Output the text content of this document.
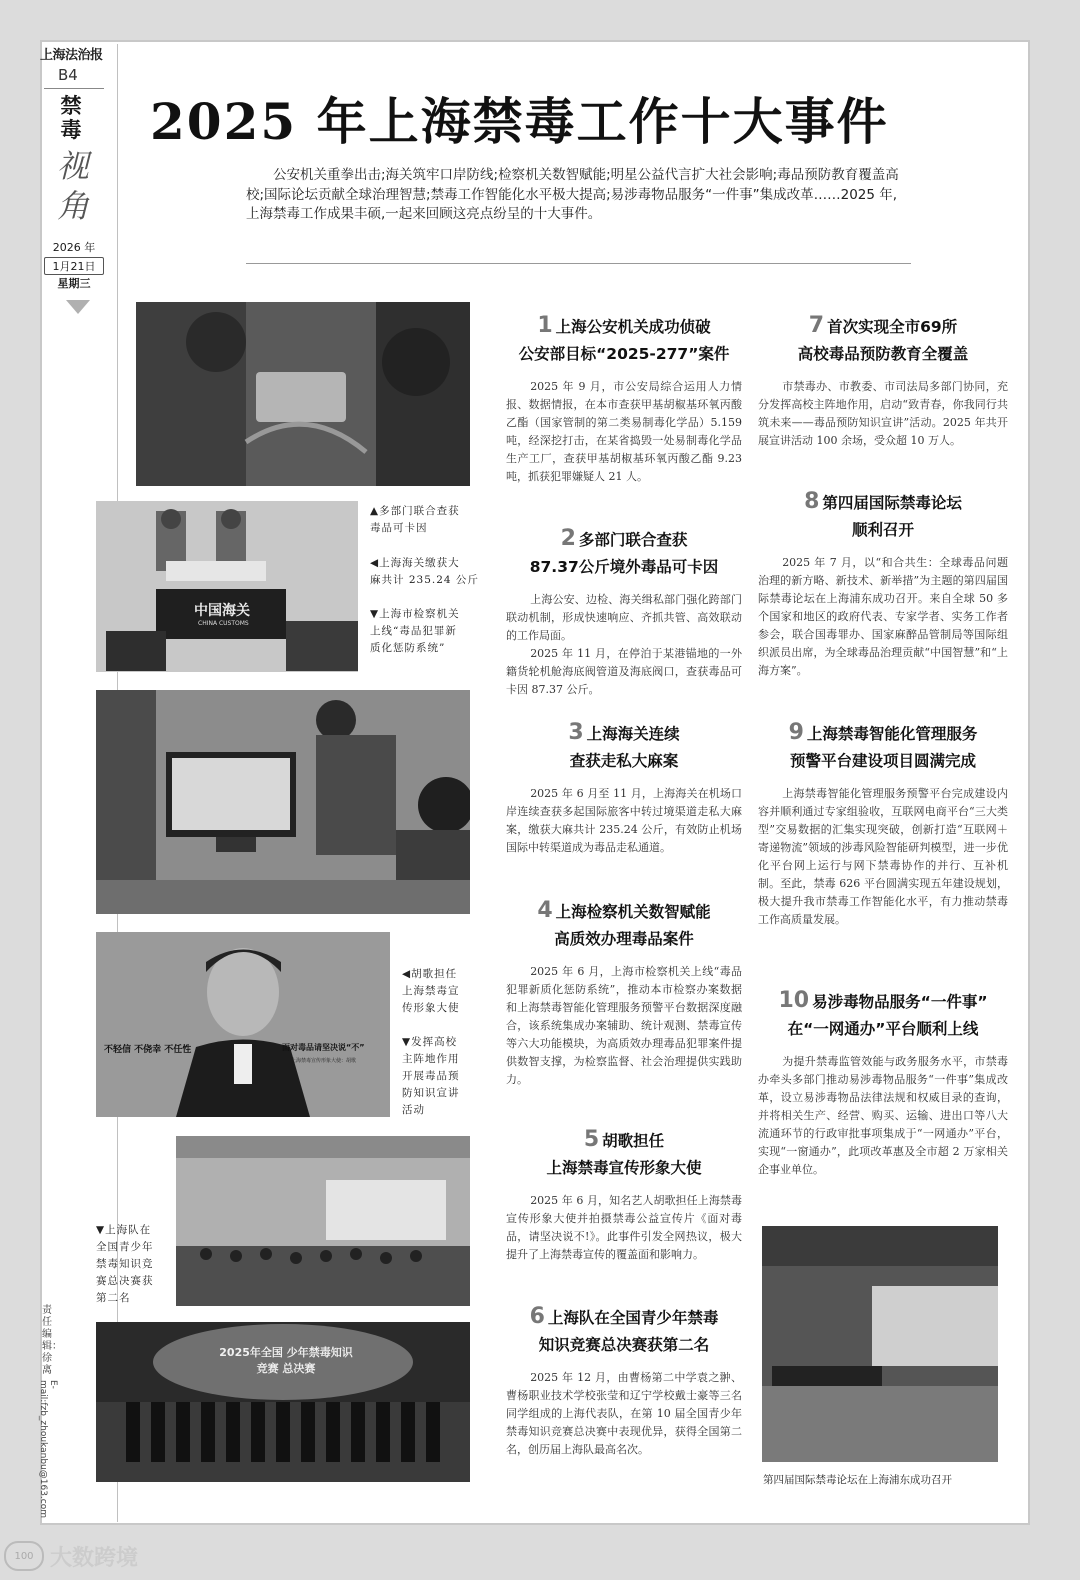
上海法治报
B4
禁毒
视角
2026 年
1月21日
星期三
2025 年上海禁毒工作十大事件
公安机关重拳出击;海关筑牢口岸防线;检察机关数智赋能;明星公益代言扩大社会影响;毒品预防教育覆盖高校;国际论坛贡献全球治理智慧;禁毒工作智能化水平极大提高;易涉毒物品服务“一件事”集成改革……2025 年,上海禁毒工作成果丰硕,一起来回顾这亮点纷呈的十大事件。
中国海关
CHINA CUSTOMS
▲多部门联合查获
毒品可卡因
◀上海海关缴获大
麻共计 235.24 公斤
▼上海市检察机关
上线“毒品犯罪新
质化惩防系统”
不轻信 不侥幸 不任性	面对毒品请坚决说“不”
上海禁毒宣传形象大使：胡歌
◀胡歌担任
上海禁毒宣
传形象大使
▼发挥高校
主阵地作用
开展毒品预
防知识宣讲
活动
▼上海队在
全国青少年
禁毒知识竞
赛总决赛获
第二名
2025年全国 少年禁毒知识竞赛 总决赛
第四届国际禁毒论坛在上海浦东成功召开
1 上海公安机关成功侦破
公安部目标“2025-277”案件
2025 年 9 月，市公安局综合运用人力情报、数据情报，在本市查获甲基胡椒基环氧丙酸乙酯（国家管制的第二类易制毒化学品）5.159 吨，经深挖打击，在某省捣毁一处易制毒化学品生产工厂，查获甲基胡椒基环氧丙酸乙酯 9.23 吨，抓获犯罪嫌疑人 21 人。
2 多部门联合查获
87.37公斤境外毒品可卡因
上海公安、边检、海关缉私部门强化跨部门联动机制，形成快速响应、齐抓共管、高效联动的工作局面。
2025 年 11 月，在停泊于某港锚地的一外籍货轮机舱海底阀管道及海底阀口，查获毒品可卡因 87.37 公斤。
3 上海海关连续
查获走私大麻案
2025 年 6 月至 11 月，上海海关在机场口岸连续查获多起国际旅客中转过境渠道走私大麻案，缴获大麻共计 235.24 公斤，有效防止机场国际中转渠道成为毒品走私通道。
4 上海检察机关数智赋能
高质效办理毒品案件
2025 年 6 月，上海市检察机关上线“毒品犯罪新质化惩防系统”，推动本市检察办案数据和上海禁毒智能化管理服务预警平台数据深度融合，该系统集成办案辅助、统计观测、禁毒宣传等六大功能模块，为高质效办理毒品犯罪案件提供数智支撑，为检察监督、社会治理提供实践助力。
5 胡歌担任
上海禁毒宣传形象大使
2025 年 6 月，知名艺人胡歌担任上海禁毒宣传形象大使并拍摄禁毒公益宣传片《面对毒品，请坚决说不!》。此事件引发全网热议，极大提升了上海禁毒宣传的覆盖面和影响力。
6 上海队在全国青少年禁毒
知识竞赛总决赛获第二名
2025 年 12 月，由曹杨第二中学袁之翀、曹杨职业技术学校张莹和辽宁学校戴士豪等三名同学组成的上海代表队，在第 10 届全国青少年禁毒知识竞赛总决赛中表现优异，获得全国第二名，创历届上海队最高名次。
7 首次实现全市69所
高校毒品预防教育全覆盖
市禁毒办、市教委、市司法局多部门协同，充分发挥高校主阵地作用，启动“致青春，你我同行共筑未来——毒品预防知识宣讲”活动。2025 年共开展宣讲活动 100 余场，受众超 10 万人。
8 第四届国际禁毒论坛
顺利召开
2025 年 7 月，以“和合共生：全球毒品问题治理的新方略、新技术、新举措”为主题的第四届国际禁毒论坛在上海浦东成功召开。来自全球 50 多个国家和地区的政府代表、专家学者、实务工作者参会，联合国毒罪办、国家麻醉品管制局等国际组织派员出席，为全球毒品治理贡献“中国智慧”和“上海方案”。
9 上海禁毒智能化管理服务
预警平台建设项目圆满完成
上海禁毒智能化管理服务预警平台完成建设内容并顺利通过专家组验收，互联网电商平台“三大类型”交易数据的汇集实现突破，创新打造“互联网＋寄递物流”领域的涉毒风险智能研判模型，进一步优化平台网上运行与网下禁毒协作的并行、互补机制。至此，禁毒 626 平台圆满实现五年建设规划，极大提升我市禁毒工作智能化水平，有力推动禁毒工作高质量发展。
10 易涉毒物品服务“一件事”
在“一网通办”平台顺利上线
为提升禁毒监管效能与政务服务水平，市禁毒办牵头多部门推动易涉毒物品服务“一件事”集成改革，设立易涉毒物品法律法规和权威目录的查询，并将相关生产、经营、购买、运输、进出口等八大流通环节的行政审批事项集成于“一网通办”平台，实现“一窗通办”，此项改革惠及全市超 2 万家相关企事业单位。
责任编辑：徐离
E-mail:fzb_zhoukanbu@163.com
100 大数跨境
